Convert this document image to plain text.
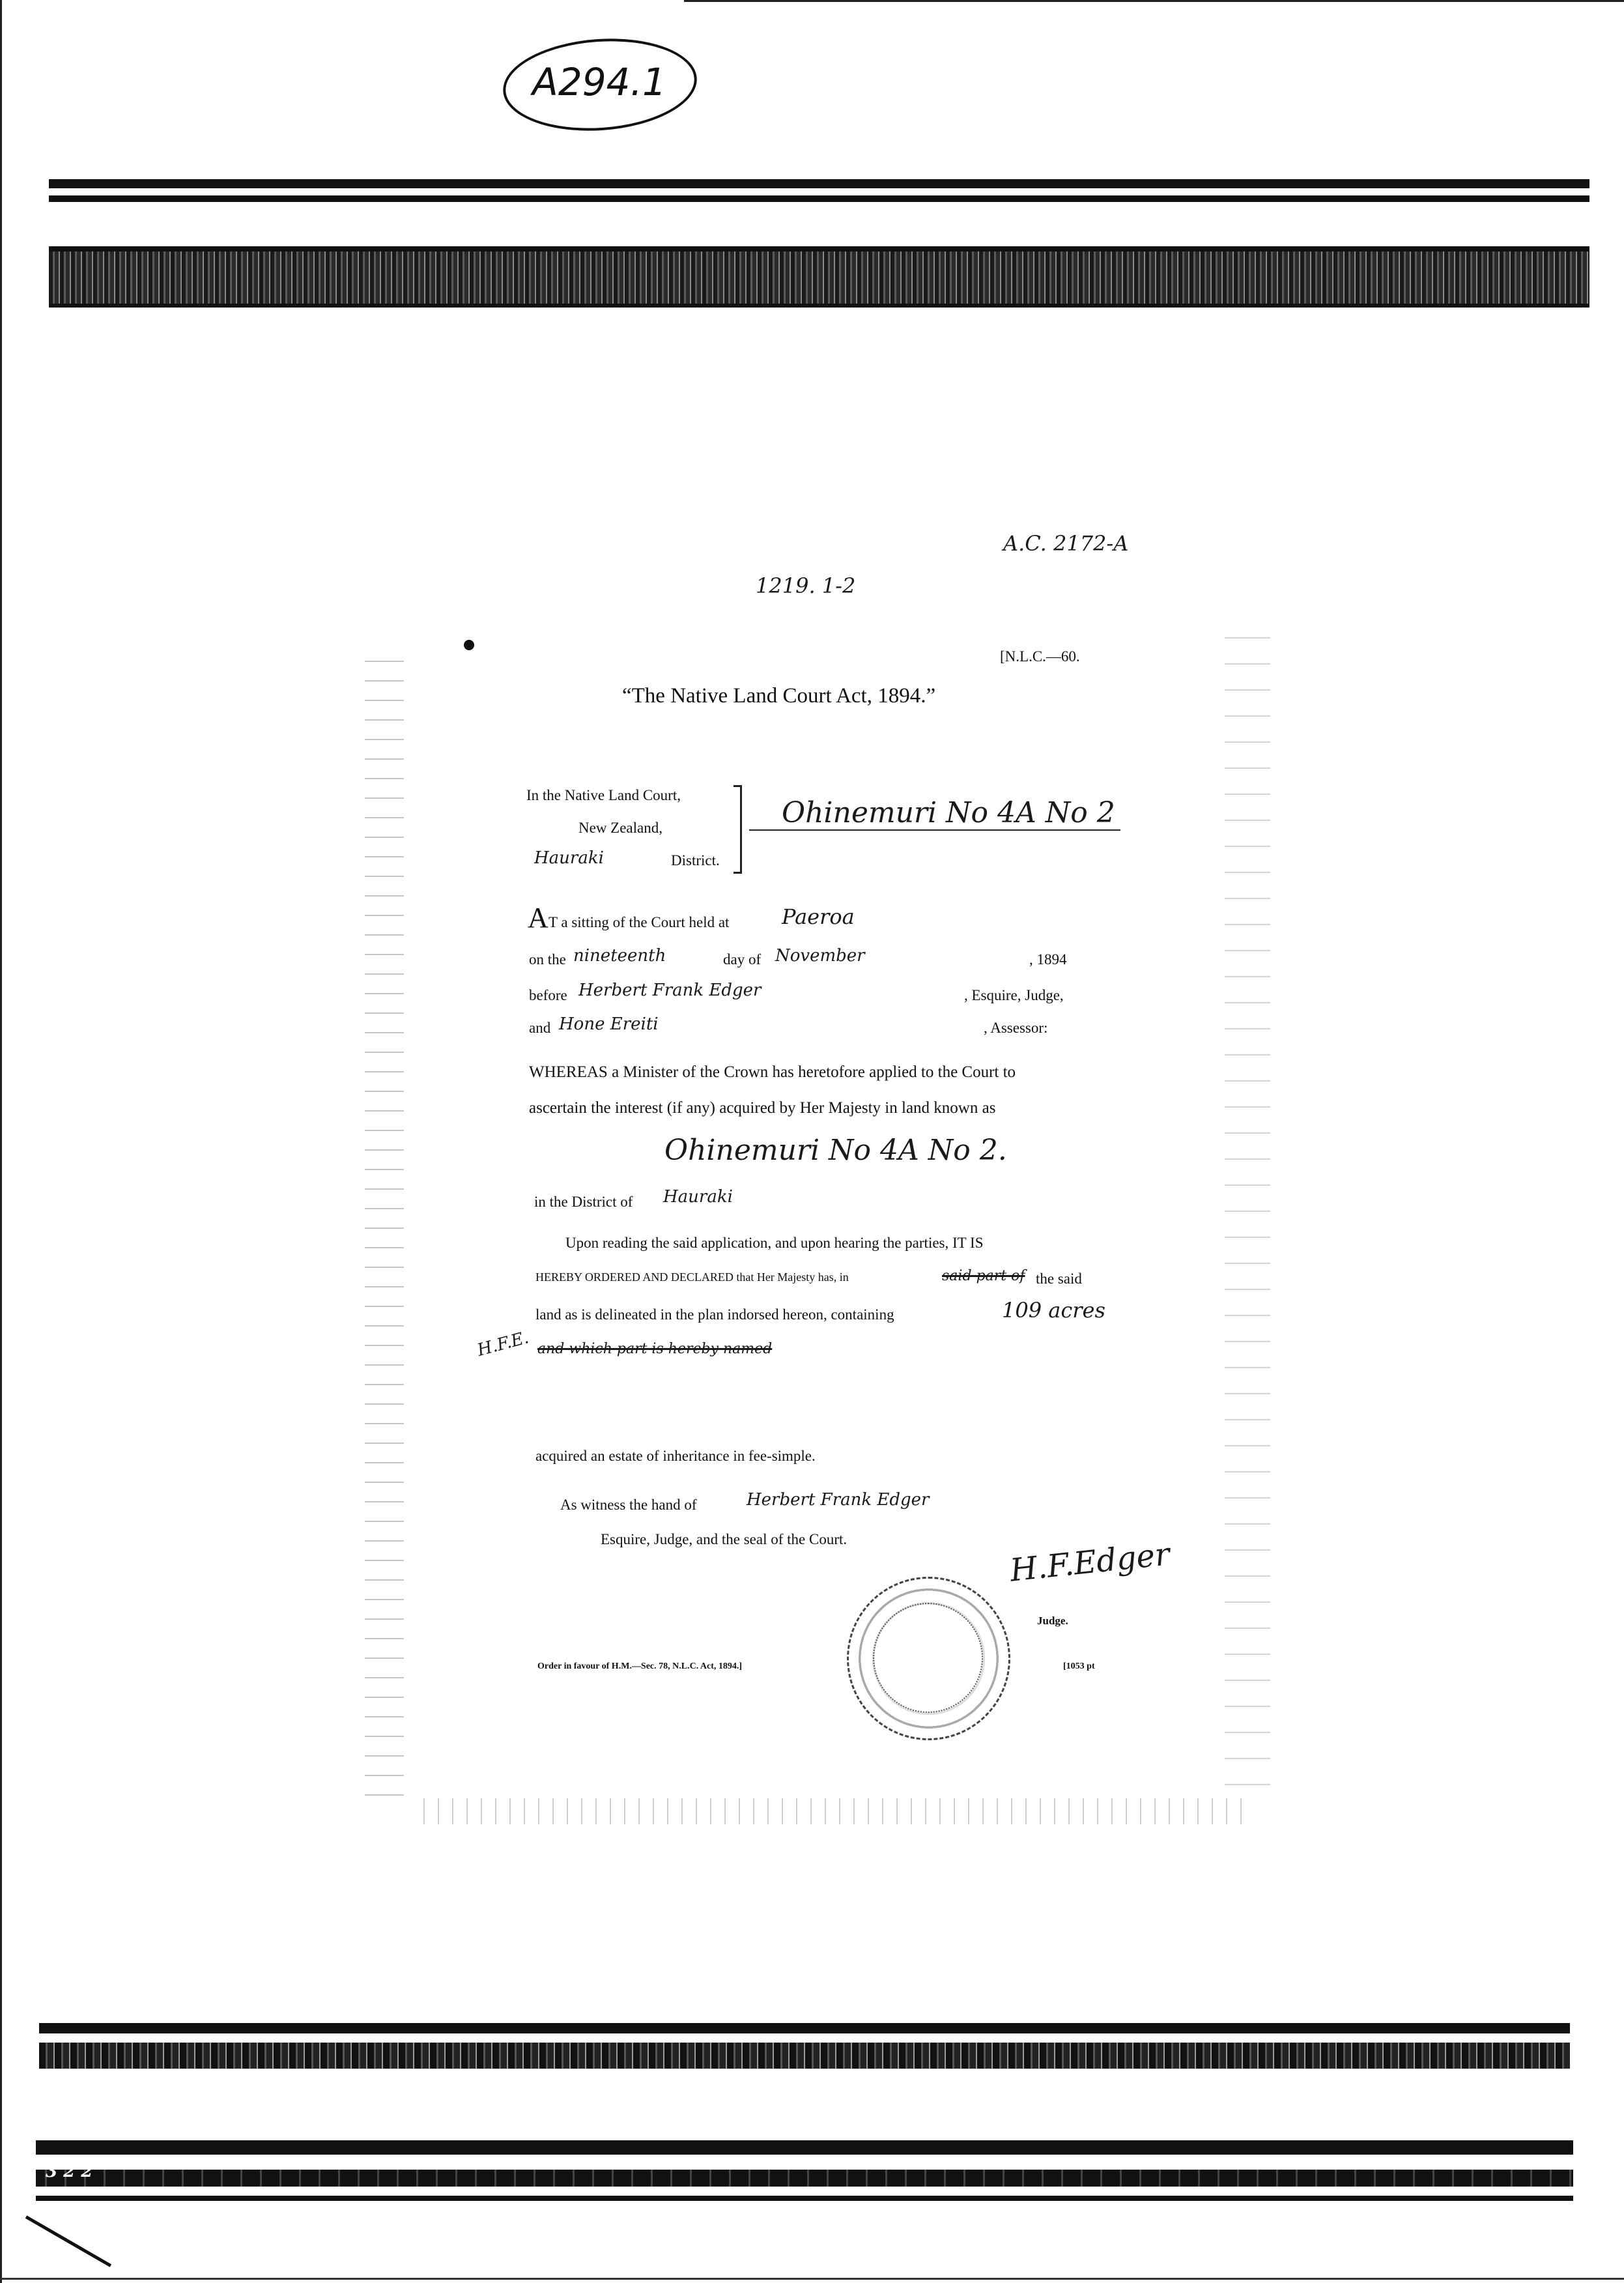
3 2 2
A294.1
A.C. 2172-A
1219. 1-2
[N.L.C.—60.
“The Native Land Court Act, 1894.”
In the Native Land Court,
New Zealand,
Hauraki	District.
Ohinemuri No 4A No 2
A T a sitting of the Court held at	Paeroa
on the nineteenth	day of November	, 1894
before Herbert Frank Edger	, Esquire, Judge,
and Hone Ereiti	, Assessor:
WHEREAS a Minister of the Crown has heretofore applied to the Court to
ascertain the interest (if any) acquired by Her Majesty in land known as
Ohinemuri No 4A No 2.
in the District of Hauraki
Upon reading the said application, and upon hearing the parties, IT IS
HEREBY ORDERED AND DECLARED that Her Majesty has, in	said part of the said
land as is delineated in the plan indorsed hereon, containing	109 acres
H.F.E. and which part is hereby named
acquired an estate of inheritance in fee-simple.
As witness the hand of	Herbert Frank Edger
Esquire, Judge, and the seal of the Court.	H.F.Edger
Judge.
Order in favour of H.M.—Sec. 78, N.L.C. Act, 1894.]	[1053 pt
